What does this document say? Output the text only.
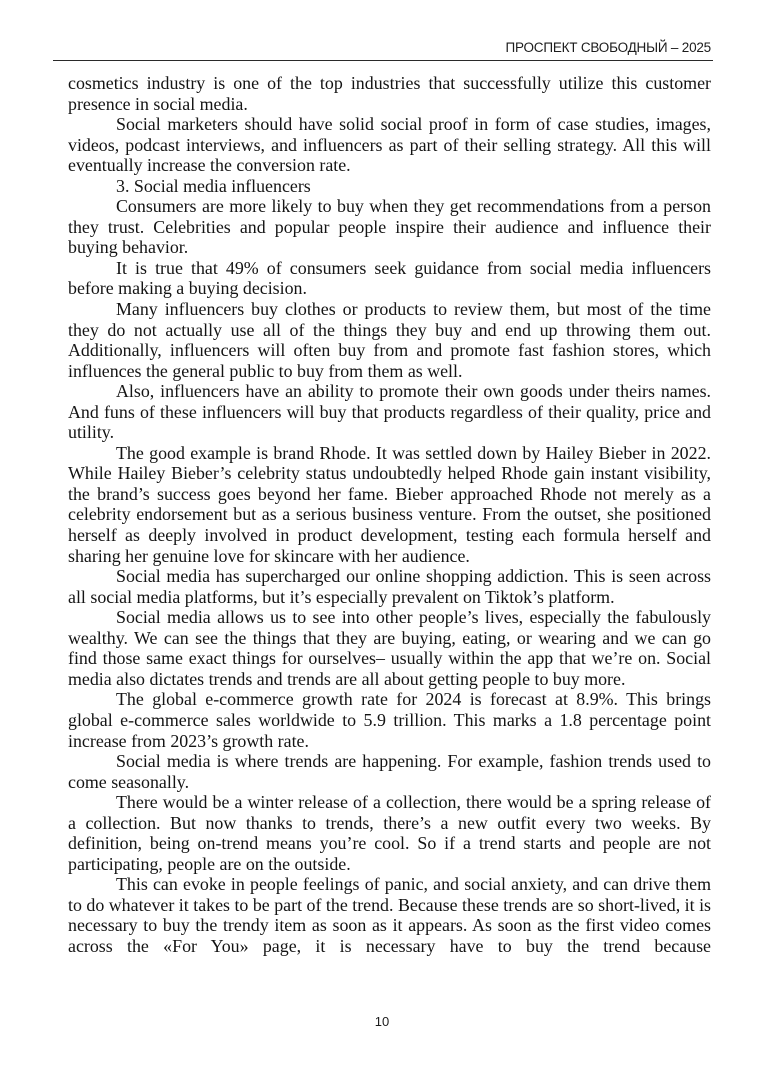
ПРОСПЕКТ СВОБОДНЫЙ – 2025

cosmetics industry is one of the top industries that successfully utilize this customer presence in social media.

Social marketers should have solid social proof in form of case studies, images, videos, podcast interviews, and influencers as part of their selling strategy. All this will eventually increase the conversion rate.

3. Social media influencers

Consumers are more likely to buy when they get recommendations from a person they trust. Celebrities and popular people inspire their audience and influence their buying behavior.

It is true that 49% of consumers seek guidance from social media influencers before making a buying decision.

Many influencers buy clothes or products to review them, but most of the time they do not actually use all of the things they buy and end up throwing them out. Additionally, influencers will often buy from and promote fast fashion stores, which influences the general public to buy from them as well.

Also, influencers have an ability to promote their own goods under theirs names. And funs of these influencers will buy that products regardless of their quality, price and utility.

The good example is brand Rhode. It was settled down by Hailey Bieber in 2022. While Hailey Bieber’s celebrity status undoubtedly helped Rhode gain instant visibility, the brand’s success goes beyond her fame. Bieber approached Rhode not merely as a celebrity endorsement but as a serious business venture. From the outset, she positioned herself as deeply involved in product development, testing each formula herself and sharing her genuine love for skincare with her audience.

Social media has supercharged our online shopping addiction. This is seen across all social media platforms, but it’s especially prevalent on Tiktok’s platform.

Social media allows us to see into other people’s lives, especially the fabulously wealthy. We can see the things that they are buying, eating, or wearing and we can go find those same exact things for ourselves– usually within the app that we’re on. Social media also dictates trends and trends are all about getting people to buy more.

The global e-commerce growth rate for 2024 is forecast at 8.9%. This brings global e-commerce sales worldwide to 5.9 trillion. This marks a 1.8 percentage point increase from 2023’s growth rate.

Social media is where trends are happening. For example, fashion trends used to come seasonally.

There would be a winter release of a collection, there would be a spring release of a collection. But now thanks to trends, there’s a new outfit every two weeks. By definition, being on-trend means you’re cool. So if a trend starts and people are not participating, people are on the outside.

This can evoke in people feelings of panic, and social anxiety, and can drive them to do whatever it takes to be part of the trend. Because these trends are so short-lived, it is necessary to buy the trendy item as soon as it appears. As soon as the first video comes across the «For You» page, it is necessary have to buy the trend because

10
